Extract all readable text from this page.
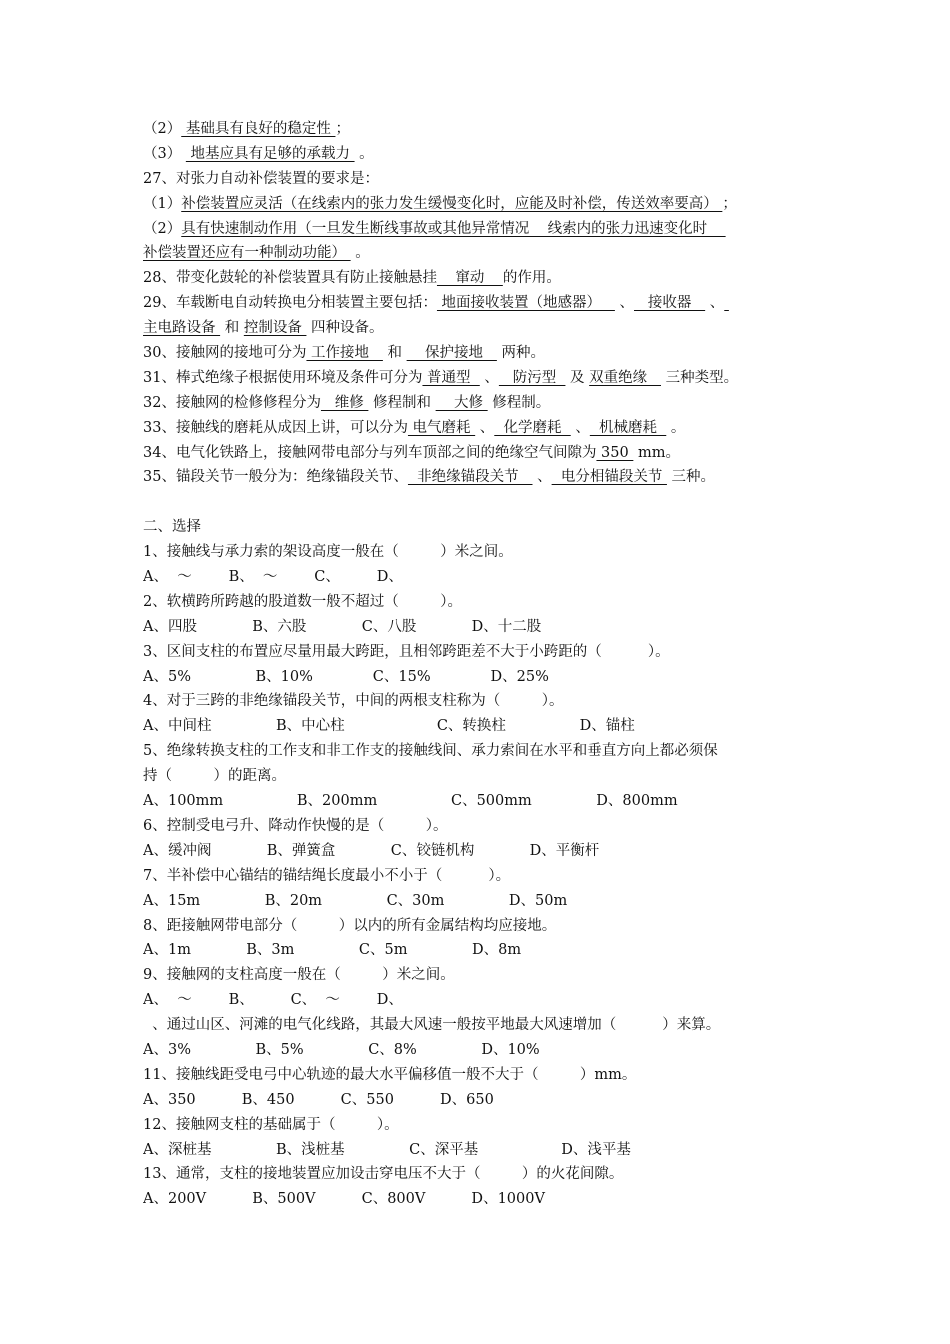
（2） 基础具有良好的稳定性 ；
（3）  地基应具有足够的承载力  。
27、对张力自动补偿装置的要求是：
（1）补偿装置应灵活（在线索内的张力发生缓慢变化时，应能及时补偿，传送效率要高） ；
（2）具有快速制动作用（一旦发生断线事故或其他异常情况    线索内的张力迅速变化时
补偿装置还应有一种制动功能）  。
28、带变化鼓轮的补偿装置具有防止接触悬挂    窜动    的作用。
29、车载断电自动转换电分相装置主要包括： 地面接收装置（地感器）    、   接收器    、
主电路设备  和 控制设备  四种设备。
30、接触网的接地可分为 工作接地    和     保护接地    两种。
31、棒式绝缘子根据使用环境及条件可分为 普通型   、   防污型   及 双重绝缘    三种类型。
32、接触网的检修修程分为   维修  修程制和     大修  修程制。
33、接触线的磨耗从成因上讲，可以分为 电气磨耗  、  化学磨耗   、  机械磨耗   。
34、电气化铁路上，接触网带电部分与列车顶部之间的绝缘空气间隙为 350  mm。
35、锚段关节一般分为：绝缘锚段关节、  非绝缘锚段关节    、  电分相锚段关节  三种。
二、选择
1、接触线与承力索的架设高度一般在（         ）米之间。
A、  ～        B、  ～        C、        D、
2、软横跨所跨越的股道数一般不超过（         ）。
A、四股            B、六股            C、八股            D、十二股
3、区间支柱的布置应尽量用最大跨距，且相邻跨距差不大于小跨距的（          ）。
A、5%              B、10%             C、15%             D、25%
4、对于三跨的非绝缘锚段关节，中间的两根支柱称为（         ）。
A、中间柱              B、中心柱                    C、转换柱                D、锚柱
5、绝缘转换支柱的工作支和非工作支的接触线间、承力索间在水平和垂直方向上都必须保
持（         ）的距离。
A、100mm                B、200mm                C、500mm              D、800mm
6、控制受电弓升、降动作快慢的是（         ）。
A、缓冲阀            B、弹簧盒            C、铰链机构            D、平衡杆
7、半补偿中心锚结的锚结绳长度最小不小于（          ）。
A、15m              B、20m              C、30m              D、50m
8、距接触网带电部分（         ）以内的所有金属结构均应接地。
A、1m            B、3m              C、5m              D、8m
9、接触网的支柱高度一般在（         ）米之间。
A、  ～        B、        C、  ～        D、
、通过山区、河滩的电气化线路，其最大风速一般按平地最大风速增加（          ）来算。
A、3%              B、5%              C、8%              D、10%
11、接触线距受电弓中心轨迹的最大水平偏移值一般不大于（         ）mm。
A、350          B、450          C、550          D、650
12、接触网支柱的基础属于（         ）。
A、深桩基              B、浅桩基              C、深平基                  D、浅平基
13、通常，支柱的接地装置应加设击穿电压不大于（         ）的火花间隙。
A、200V          B、500V          C、800V          D、1000V
